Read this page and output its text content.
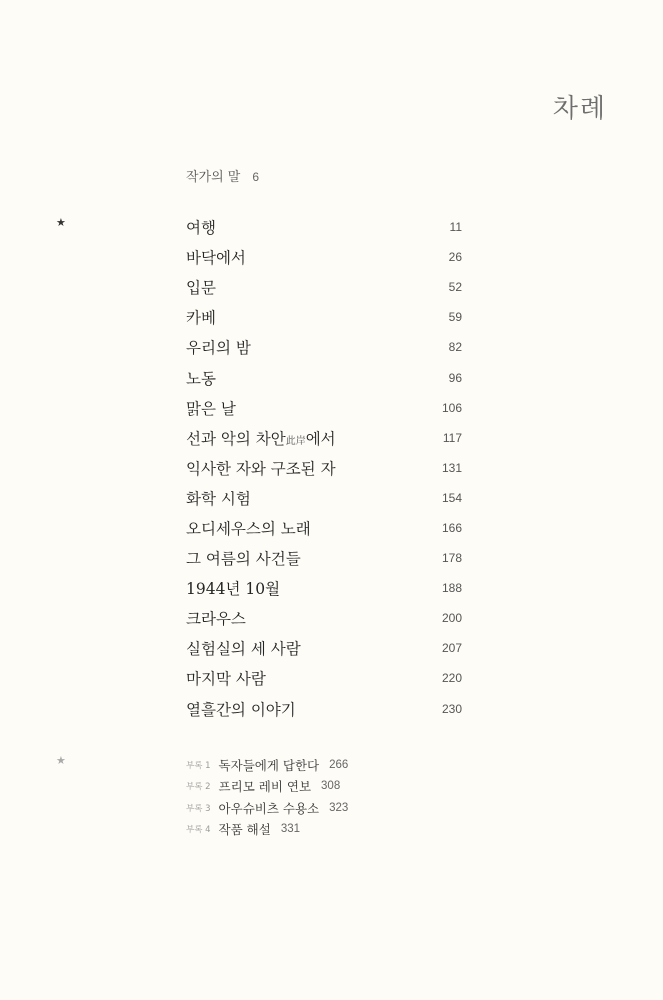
차례
작가의 말 6
★	여행	11
바닥에서	26
입문	52
카베	59
우리의 밤	82
노동	96
맑은 날	106
선과 악의 차안此岸에서	117
익사한 자와 구조된 자	131
화학 시험	154
오디세우스의 노래	166
그 여름의 사건들	178
1944년 10월	188
크라우스	200
실험실의 세 사람	207
마지막 사람	220
열흘간의 이야기	230
★	부록 1 독자들에게 답한다 266
부록 2 프리모 레비 연보 308
부록 3 아우슈비츠 수용소 323
부록 4 작품 해설 331
